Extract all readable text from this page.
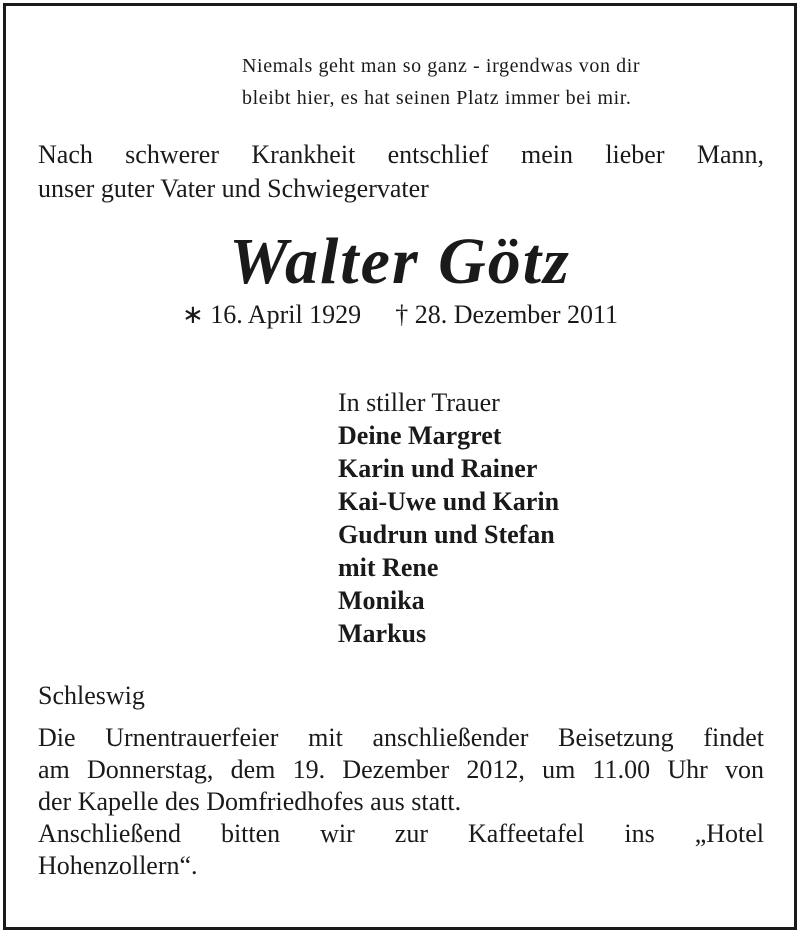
Niemals geht man so ganz - irgendwas von dir
bleibt hier, es hat seinen Platz immer bei mir.
Nach schwerer Krankheit entschlief mein lieber Mann,
unser guter Vater und Schwiegervater
Walter Götz
∗ 16. April 1929 † 28. Dezember 2011
In stiller Trauer
Deine Margret
Karin und Rainer
Kai-Uwe und Karin
Gudrun und Stefan
mit Rene
Monika
Markus
Schleswig
Die Urnentrauerfeier mit anschließender Beisetzung findet
am Donnerstag, dem 19. Dezember 2012, um 11.00 Uhr von
der Kapelle des Domfriedhofes aus statt.
Anschließend bitten wir zur Kaffeetafel ins „Hotel
Hohenzollern“.
